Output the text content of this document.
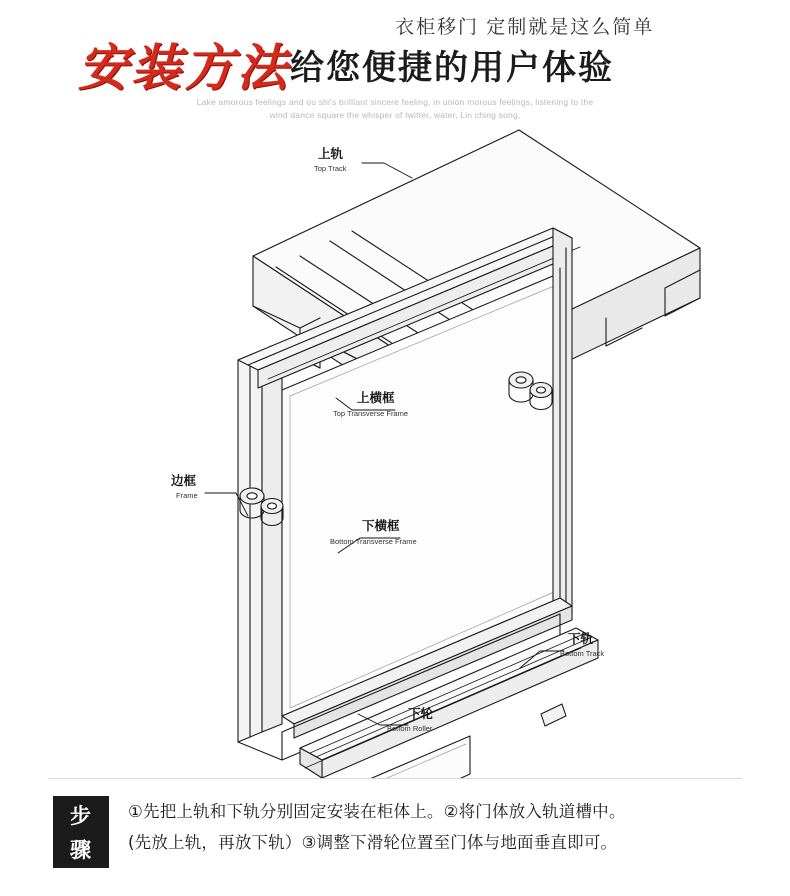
衣柜移门 定制就是这么简单
安装方法给您便捷的用户体验
Lake amorous feelings and ou shi's brilliant sincere feeling, in union morous feelings, listening to the
wind dance square the whisper of twitter, water, Lin ching song,
上轨
Top Track
上横框
Top Transverse Frame
边框
Frame
下横框
Bottom Transverse Frame
下轨
Bottom Track
下轮
Bottom Roller
步
骤
①先把上轨和下轨分别固定安装在柜体上。②将门体放入轨道槽中。
(先放上轨，再放下轨）③调整下滑轮位置至门体与地面垂直即可。
